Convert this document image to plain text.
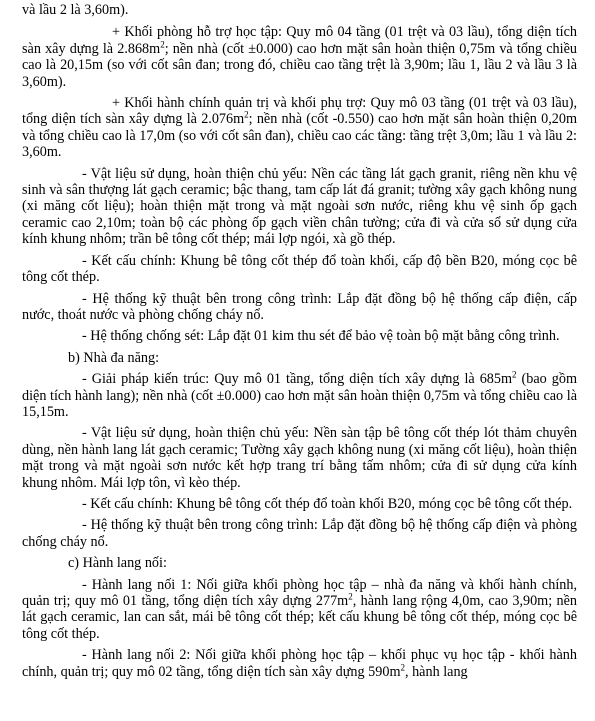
và lầu 2 là 3,60m).

+ Khối phòng hỗ trợ học tập: Quy mô 04 tầng (01 trệt và 03 lầu), tổng diện tích sàn xây dựng là $2.868m^2$; nền nhà (cốt ±0.000) cao hơn mặt sân hoàn thiện 0,75m và tổng chiều cao là 20,15m (so với cốt sân đan; trong đó, chiều cao tầng trệt là 3,90m; lầu 1, lầu 2 và lầu 3 là 3,60m).

+ Khối hành chính quản trị và khối phụ trợ: Quy mô 03 tầng (01 trệt và 03 lầu), tổng diện tích sàn xây dựng là $2.076m^2$; nền nhà (cốt -0.550) cao hơn mặt sân hoàn thiện 0,20m và tổng chiều cao là 17,0m (so với cốt sân đan), chiều cao các tầng: tầng trệt 3,0m; lầu 1 và lầu 2: 3,60m.

- Vật liệu sử dụng, hoàn thiện chủ yếu: Nền các tầng lát gạch granit, riêng nền khu vệ sinh và sân thượng lát gạch ceramic; bậc thang, tam cấp lát đá granit; tường xây gạch không nung (xi măng cốt liệu); hoàn thiện mặt trong và mặt ngoài sơn nước, riêng khu vệ sinh ốp gạch ceramic cao 2,10m; toàn bộ các phòng ốp gạch viền chân tường; cửa đi và cửa sổ sử dụng cửa kính khung nhôm; trần bê tông cốt thép; mái lợp ngói, xà gồ thép.

- Kết cấu chính: Khung bê tông cốt thép đổ toàn khối, cấp độ bền B20, móng cọc bê tông cốt thép.

- Hệ thống kỹ thuật bên trong công trình: Lắp đặt đồng bộ hệ thống cấp điện, cấp nước, thoát nước và phòng chống cháy nổ.

- Hệ thống chống sét: Lắp đặt 01 kim thu sét để bảo vệ toàn bộ mặt bằng công trình.

b) Nhà đa năng:

- Giải pháp kiến trúc: Quy mô 01 tầng, tổng diện tích xây dựng là $685m^2$ (bao gồm diện tích hành lang); nền nhà (cốt ±0.000) cao hơn mặt sân hoàn thiện 0,75m và tổng chiều cao là 15,15m.

- Vật liệu sử dụng, hoàn thiện chủ yếu: Nền sàn tập bê tông cốt thép lót thảm chuyên dùng, nền hành lang lát gạch ceramic; Tường xây gạch không nung (xi măng cốt liệu), hoàn thiện mặt trong và mặt ngoài sơn nước kết hợp trang trí bằng tấm nhôm; cửa đi sử dụng cửa kính khung nhôm. Mái lợp tôn, vì kèo thép.

- Kết cấu chính: Khung bê tông cốt thép đổ toàn khối B20, móng cọc bê tông cốt thép.

- Hệ thống kỹ thuật bên trong công trình: Lắp đặt đồng bộ hệ thống cấp điện và phòng chống cháy nổ.

c) Hành lang nối:

- Hành lang nối 1: Nối giữa khối phòng học tập – nhà đa năng và khối hành chính, quản trị; quy mô 01 tầng, tổng diện tích xây dựng $277m^2$, hành lang rộng 4,0m, cao 3,90m; nền lát gạch ceramic, lan can sắt, mái bê tông cốt thép; kết cấu khung bê tông cốt thép, móng cọc bê tông cốt thép.

- Hành lang nối 2: Nối giữa khối phòng học tập – khối phục vụ học tập - khối hành chính, quản trị; quy mô 02 tầng, tổng diện tích sàn xây dựng $590m^2$, hành lang
